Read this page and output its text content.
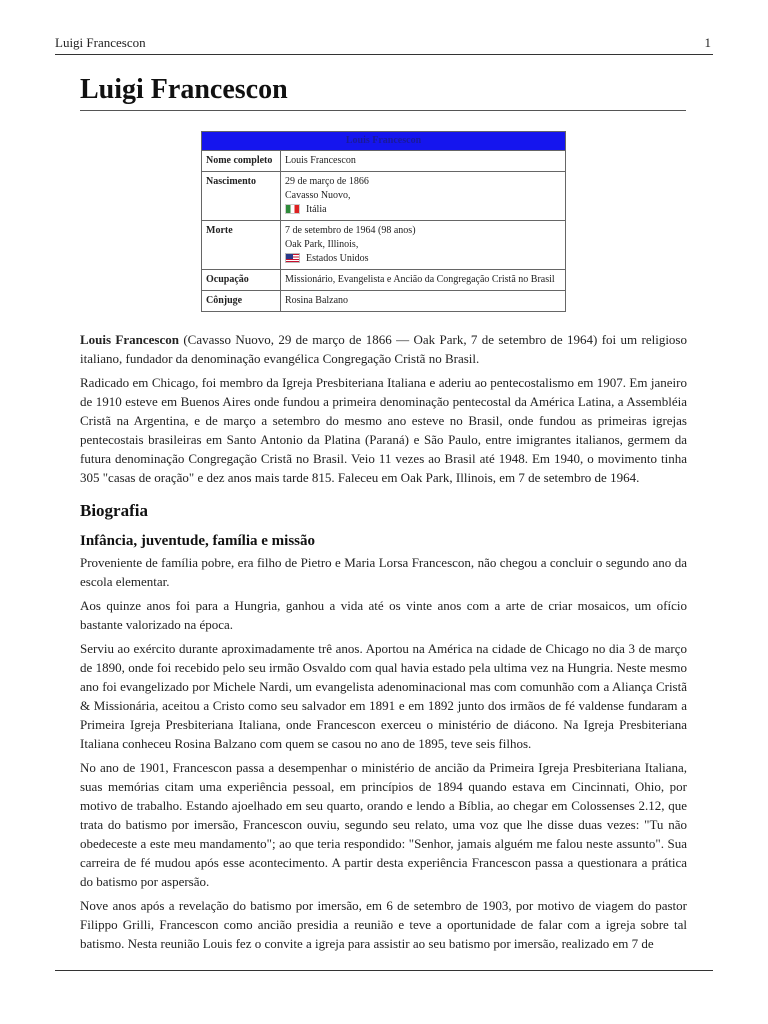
Luigi Francescon	1
Luigi Francescon
Louis Francescon	
Nome completo	Louis Francescon
Nascimento	29 de março de 1866
Cavasso Nuovo,
Itália

Morte	7 de setembro de 1964 (98 anos)
Oak Park, Illinois,
Estados Unidos

Ocupação	Missionário, Evangelista e Ancião da Congregação Cristã no Brasil
Cônjuge	Rosina Balzano

Louis Francescon (Cavasso Nuovo, 29 de março de 1866 — Oak Park, 7 de setembro de 1964) foi um religioso italiano, fundador da denominação evangélica Congregação Cristã no Brasil.

Radicado em Chicago, foi membro da Igreja Presbiteriana Italiana e aderiu ao pentecostalismo em 1907. Em janeiro de 1910 esteve em Buenos Aires onde fundou a primeira denominação pentecostal da América Latina, a Assembléia Cristã na Argentina, e de março a setembro do mesmo ano esteve no Brasil, onde fundou as primeiras igrejas pentecostais brasileiras em Santo Antonio da Platina (Paraná) e São Paulo, entre imigrantes italianos, germem da futura denominação Congregação Cristã no Brasil. Veio 11 vezes ao Brasil até 1948. Em 1940, o movimento tinha 305 "casas de oração" e dez anos mais tarde 815. Faleceu em Oak Park, Illinois, em 7 de setembro de 1964.

Biografia
Infância, juventude, família e missão

Proveniente de família pobre, era filho de Pietro e Maria Lorsa Francescon, não chegou a concluir o segundo ano da escola elementar.

Aos quinze anos foi para a Hungria, ganhou a vida até os vinte anos com a arte de criar mosaicos, um ofício bastante valorizado na época.

Serviu ao exército durante aproximadamente trê anos. Aportou na América na cidade de Chicago no dia 3 de março de 1890, onde foi recebido pelo seu irmão Osvaldo com qual havia estado pela ultima vez na Hungria. Neste mesmo ano foi evangelizado por Michele Nardi, um evangelista adenominacional mas com comunhão com a Aliança Cristã & Missionária, aceitou a Cristo como seu salvador em 1891 e em 1892 junto dos irmãos de fé valdense fundaram a Primeira Igreja Presbiteriana Italiana, onde Francescon exerceu o ministério de diácono. Na Igreja Presbiteriana Italiana conheceu Rosina Balzano com quem se casou no ano de 1895, teve seis filhos.

No ano de 1901, Francescon passa a desempenhar o ministério de ancião da Primeira Igreja Presbiteriana Italiana, suas memórias citam uma experiência pessoal, em princípios de 1894 quando estava em Cincinnati, Ohio, por motivo de trabalho. Estando ajoelhado em seu quarto, orando e lendo a Bíblia, ao chegar em Colossenses 2.12, que trata do batismo por imersão, Francescon ouviu, segundo seu relato, uma voz que lhe disse duas vezes: "Tu não obedeceste a este meu mandamento"; ao que teria respondido: "Senhor, jamais alguém me falou neste assunto". Sua carreira de fé mudou após esse acontecimento. A partir desta experiência Francescon passa a questionara a prática do batismo por aspersão.

Nove anos após a revelação do batismo por imersão, em 6 de setembro de 1903, por motivo de viagem do pastor Filippo Grilli, Francescon como ancião presidia a reunião e teve a oportunidade de falar com a igreja sobre tal batismo. Nesta reunião Louis fez o convite a igreja para assistir ao seu batismo por imersão, realizado em 7 de
